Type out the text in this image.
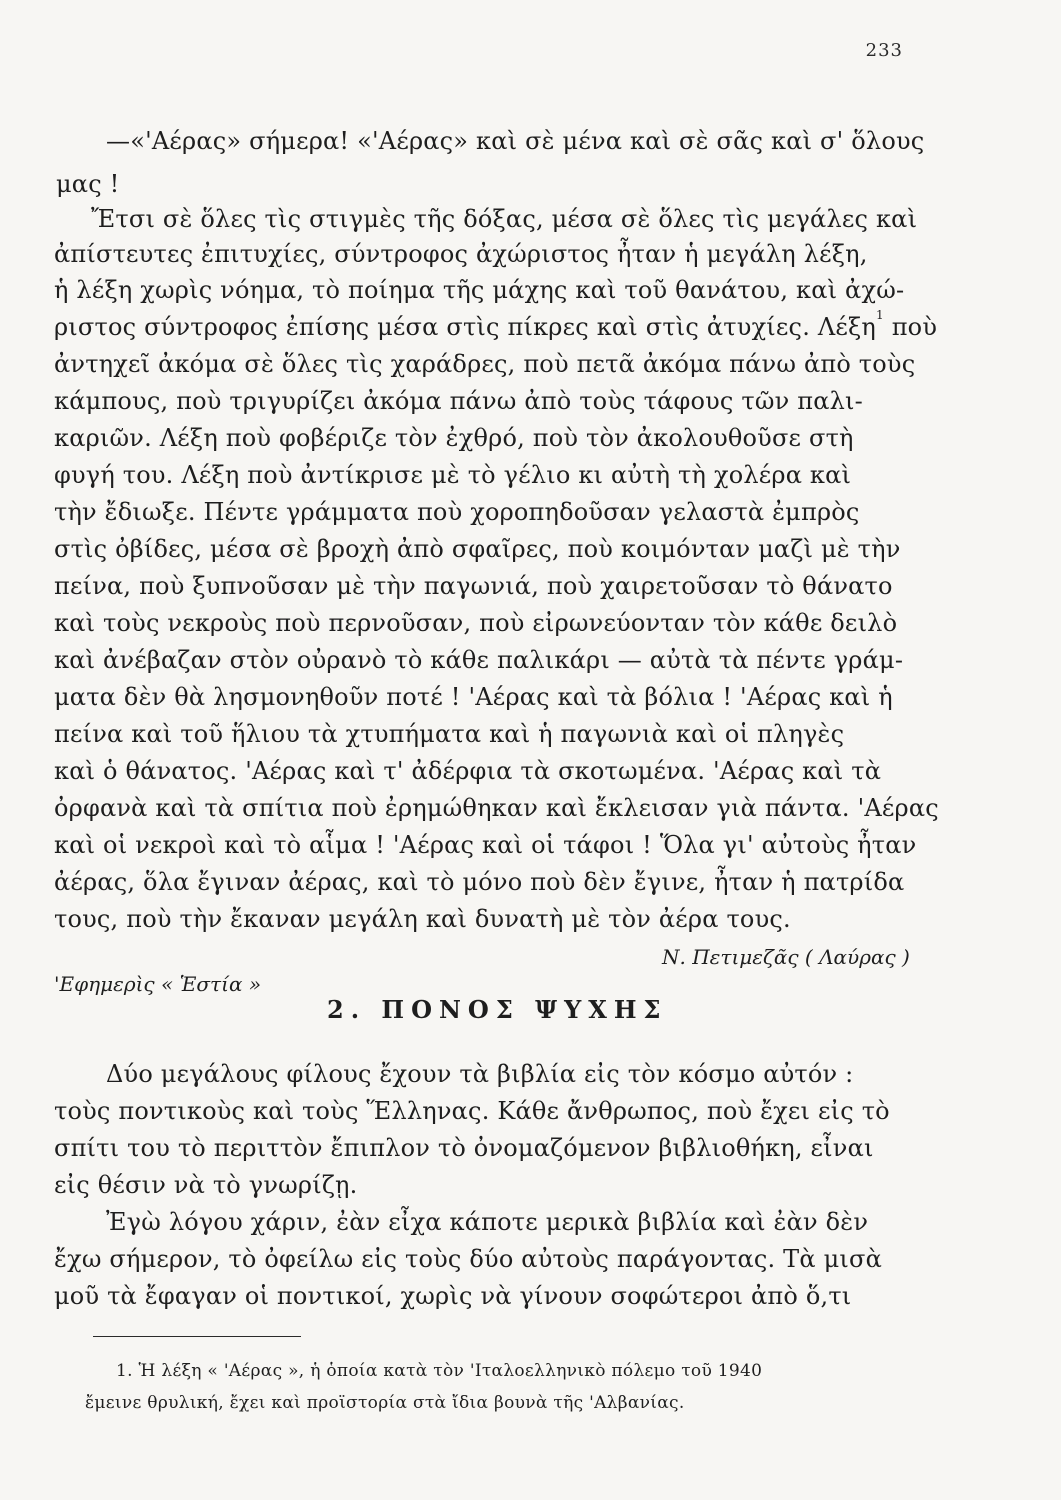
233
—«'Αέρας» σήμερα! «'Αέρας» καὶ σὲ μένα καὶ σὲ σᾶς καὶ σ' ὅλους
μας !
Ἔτσι σὲ ὅλες τὶς στιγμὲς τῆς δόξας, μέσα σὲ ὅλες τὶς μεγάλες καὶ
ἀπίστευτες ἐπιτυχίες, σύντροφος ἀχώριστος ἦταν ἡ μεγάλη λέξη,
ἡ λέξη χωρὶς νόημα, τὸ ποίημα τῆς μάχης καὶ τοῦ θανάτου, καὶ ἀχώ-
ριστος σύντροφος ἐπίσης μέσα στὶς πίκρες καὶ στὶς ἀτυχίες. Λέξη$^1$ ποὺ
ἀντηχεῖ ἀκόμα σὲ ὅλες τὶς χαράδρες, ποὺ πετᾶ ἀκόμα πάνω ἀπὸ τοὺς
κάμπους, ποὺ τριγυρίζει ἀκόμα πάνω ἀπὸ τοὺς τάφους τῶν παλι-
καριῶν. Λέξη ποὺ φοβέριζε τὸν ἐχθρό, ποὺ τὸν ἀκολουθοῦσε στὴ
φυγή του. Λέξη ποὺ ἀντίκρισε μὲ τὸ γέλιο κι αὐτὴ τὴ χολέρα καὶ
τὴν ἔδιωξε. Πέντε γράμματα ποὺ χοροπηδοῦσαν γελαστὰ ἐμπρὸς
στὶς ὀβίδες, μέσα σὲ βροχὴ ἀπὸ σφαῖρες, ποὺ κοιμόνταν μαζὶ μὲ τὴν
πείνα, ποὺ ξυπνοῦσαν μὲ τὴν παγωνιά, ποὺ χαιρετοῦσαν τὸ θάνατο
καὶ τοὺς νεκροὺς ποὺ περνοῦσαν, ποὺ εἰρωνεύονταν τὸν κάθε δειλὸ
καὶ ἀνέβαζαν στὸν οὐρανὸ τὸ κάθε παλικάρι — αὐτὰ τὰ πέντε γράμ-
ματα δὲν θὰ λησμονηθοῦν ποτέ ! 'Αέρας καὶ τὰ βόλια ! 'Αέρας καὶ ἡ
πείνα καὶ τοῦ ἥλιου τὰ χτυπήματα καὶ ἡ παγωνιὰ καὶ οἱ πληγὲς
καὶ ὁ θάνατος. 'Αέρας καὶ τ' ἀδέρφια τὰ σκοτωμένα. 'Αέρας καὶ τὰ
ὀρφανὰ καὶ τὰ σπίτια ποὺ ἐρημώθηκαν καὶ ἔκλεισαν γιὰ πάντα. 'Αέρας
καὶ οἱ νεκροὶ καὶ τὸ αἷμα ! 'Αέρας καὶ οἱ τάφοι ! Ὅλα γι' αὐτοὺς ἦταν
ἀέρας, ὅλα ἔγιναν ἀέρας, καὶ τὸ μόνο ποὺ δὲν ἔγινε, ἦταν ἡ πατρίδα
τους, ποὺ τὴν ἔκαναν μεγάλη καὶ δυνατὴ μὲ τὸν ἀέρα τους.
Ν. Πετιμεζᾶς ( Λαύρας )
'Εφημερὶς « Ἑστία »
2. ΠΟΝΟΣ ΨΥΧΗΣ
Δύο μεγάλους φίλους ἔχουν τὰ βιβλία εἰς τὸν κόσμο αὐτόν :
τοὺς ποντικοὺς καὶ τοὺς Ἕλληνας. Κάθε ἄνθρωπος, ποὺ ἔχει εἰς τὸ
σπίτι του τὸ περιττὸν ἔπιπλον τὸ ὀνομαζόμενον βιβλιοθήκη, εἶναι
εἰς θέσιν νὰ τὸ γνωρίζῃ.
Ἐγὼ λόγου χάριν, ἐὰν εἶχα κάποτε μερικὰ βιβλία καὶ ἐὰν δὲν
ἔχω σήμερον, τὸ ὀφείλω εἰς τοὺς δύο αὐτοὺς παράγοντας. Τὰ μισὰ
μοῦ τὰ ἔφαγαν οἱ ποντικοί, χωρὶς νὰ γίνουν σοφώτεροι ἀπὸ ὅ,τι
1. Ἡ λέξη « 'Αέρας », ἡ ὁποία κατὰ τὸν 'Ιταλοελληνικὸ πόλεμο τοῦ 1940
ἔμεινε θρυλική, ἔχει καὶ προϊστορία στὰ ἴδια βουνὰ τῆς 'Αλβανίας.
